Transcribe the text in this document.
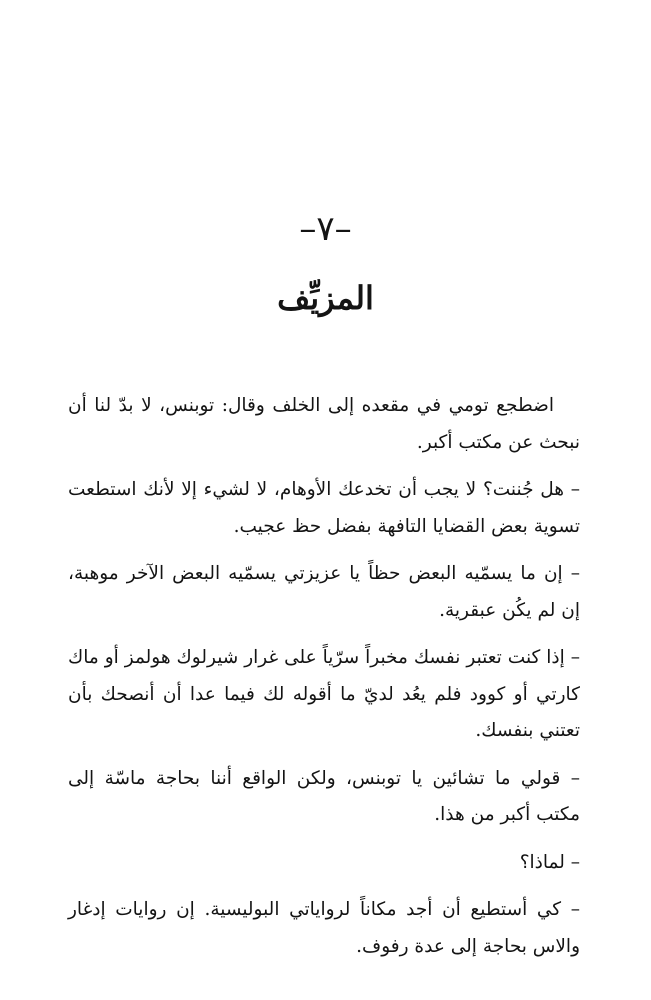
–٧–
المزيِّف

اضطجع تومي في مقعده إلى الخلف وقال: توبنس، لا بدّ لنا أن نبحث عن مكتب أكبر.

– هل جُننت؟ لا يجب أن تخدعك الأوهام، لا لشيء إلا لأنك استطعت تسوية بعض القضايا التافهة بفضل حظ عجيب.

– إن ما يسمّيه البعض حظاً يا عزيزتي يسمّيه البعض الآخر موهبة، إن لم يكُن عبقرية.

– إذا كنت تعتبر نفسك مخبراً سرّياً على غرار شيرلوك هولمز أو ماك كارتي أو كوود فلم يعُد لديّ ما أقوله لك فيما عدا أن أنصحك بأن تعتني بنفسك.

– قولي ما تشائين يا توبنس، ولكن الواقع أننا بحاجة ماسّة إلى مكتب أكبر من هذا.

– لماذا؟

– كي أستطيع أن أجد مكاناً لرواياتي البوليسية. إن روايات إدغار والاس بحاجة إلى عدة رفوف.
